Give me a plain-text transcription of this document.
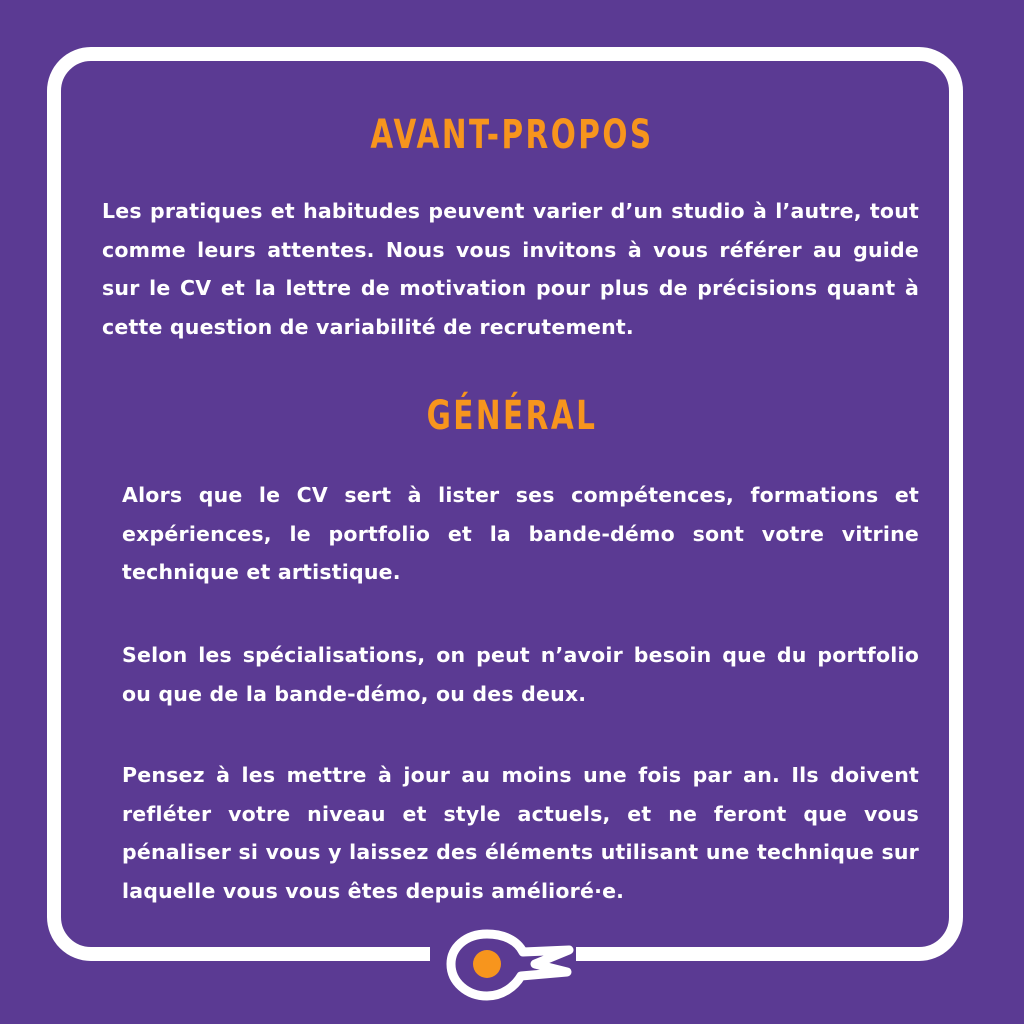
AVANT-PROPOS
Les pratiques et habitudes peuvent varier d’un studio à l’autre, tout comme leurs attentes. Nous vous invitons à vous référer au guide sur le CV et la lettre de motivation pour plus de précisions quant à cette question de variabilité de recrutement.
GÉNÉRAL
Alors que le CV sert à lister ses compétences, formations et expériences, le portfolio et la bande-démo sont votre vitrine technique et artistique.
Selon les spécialisations, on peut n’avoir besoin que du portfolio ou que de la bande-démo, ou des deux.
Pensez à les mettre à jour au moins une fois par an. Ils doivent refléter votre niveau et style actuels, et ne feront que vous pénaliser si vous y laissez des éléments utilisant une technique sur laquelle vous vous êtes depuis amélioré·e.
